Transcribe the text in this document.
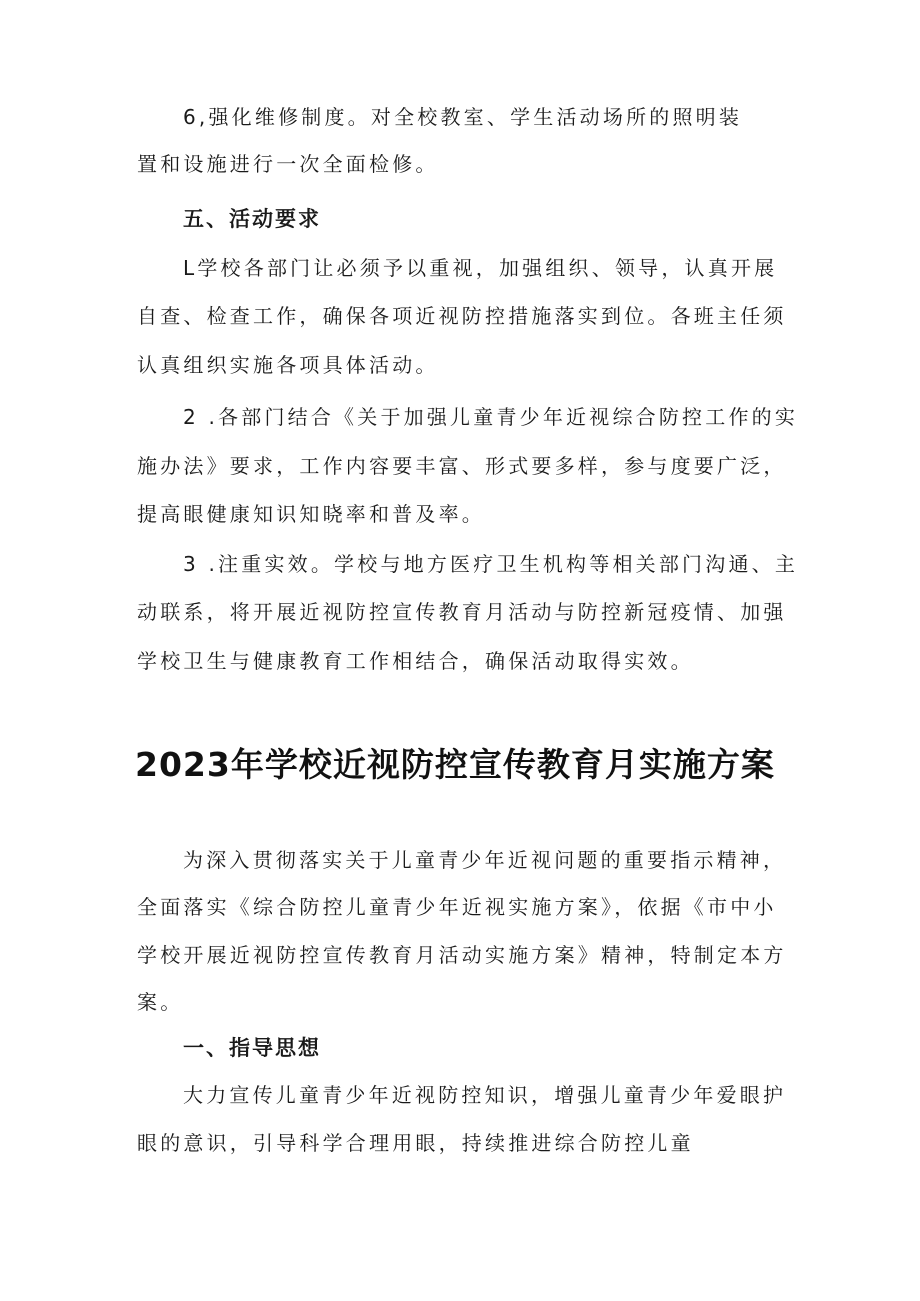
6,强化维修制度。对全校教室、学生活动场所的照明装

置和设施进行一次全面检修。

五、活动要求

L学校各部门让必须予以重视，加强组织、领导，认真开展

自查、检查工作，确保各项近视防控措施落实到位。各班主任须

认真组织实施各项具体活动。

2 .各部门结合《关于加强儿童青少年近视综合防控工作的实

施办法》要求，工作内容要丰富、形式要多样，参与度要广泛，

提高眼健康知识知晓率和普及率。

3 .注重实效。学校与地方医疗卫生机构等相关部门沟通、主

动联系，将开展近视防控宣传教育月活动与防控新冠疫情、加强

学校卫生与健康教育工作相结合，确保活动取得实效。

2023年学校近视防控宣传教育月实施方案

为深入贯彻落实关于儿童青少年近视问题的重要指示精神，

全面落实《综合防控儿童青少年近视实施方案》，依据《市中小

学校开展近视防控宣传教育月活动实施方案》精神，特制定本方

案。

一、指导思想

大力宣传儿童青少年近视防控知识，增强儿童青少年爱眼护

眼的意识，引导科学合理用眼，持续推进综合防控儿童
